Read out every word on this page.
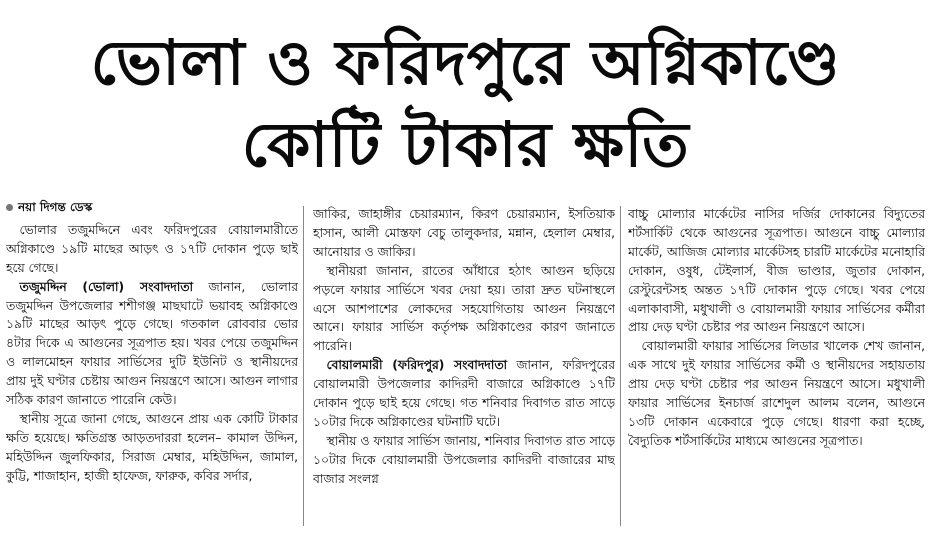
ভোলা ও ফরিদপুরে অগ্নিকাণ্ডে
কোটি টাকার ক্ষতি
নয়া দিগন্ত ডেস্ক

ভোলার তজুমদ্দিনে এবং ফরিদপুরের বোয়ালমারীতে অগ্নিকাণ্ডে ১৯টি মাছের আড়ৎ ও ১৭টি দোকান পুড়ে ছাই হয়ে গেছে।

তজুমদ্দিন (ভোলা) সংবাদদাতা জানান, ভোলার তজুমদ্দিন উপজেলার শশীগঞ্জ মাছঘাটে ভয়াবহ অগ্নিকাণ্ডে ১৯টি মাছের আড়ৎ পুড়ে গেছে। গতকাল রোববার ভোর ৪টার দিকে এ আগুনের সূত্রপাত হয়। খবর পেয়ে তজুমদ্দিন ও লালমোহন ফায়ার সার্ভিসের দুটি ইউনিট ও স্থানীয়দের প্রায় দুই ঘণ্টার চেষ্টায় আগুন নিয়ন্ত্রণে আসে। আগুন লাগার সঠিক কারণ জানাতে পারেনি কেউ।

স্থানীয় সূত্রে জানা গেছে, আগুনে প্রায় এক কোটি টাকার ক্ষতি হয়েছে। ক্ষতিগ্রস্ত আড়তদাররা হলেন– কামাল উদ্দিন, মহিউদ্দিন জুলফিকার, সিরাজ মেম্বার, মহিউদ্দিন, জামাল, কুট্টি, শাজাহান, হাজী হাফেজ, ফারুক, কবির সর্দার,

জাকির, জাহাঙ্গীর চেয়ারম্যান, কিরণ চেয়ারম্যান, ইসতিয়াক হাসান, আলী মোস্তফা বেচু তালুকদার, মন্নান, হেলাল মেম্বার, আনোয়ার ও জাকির।

স্থানীয়রা জানান, রাতের আঁধারে হঠাৎ আগুন ছড়িয়ে পড়লে ফায়ার সার্ভিসে খবর দেয়া হয়। তারা দ্রুত ঘটনাস্থলে এসে আশপাশের লোকদের সহযোগিতায় আগুন নিয়ন্ত্রণে আনে। ফায়ার সার্ভিস কর্তৃপক্ষ অগ্নিকাণ্ডের কারণ জানাতে পারেনি।

বোয়ালমারী (ফরিদপুর) সংবাদদাতা জানান, ফরিদপুরের বোয়ালমারী উপজেলার কাদিরদী বাজারে অগ্নিকাণ্ডে ১৭টি দোকান পুড়ে ছাই হয়ে গেছে। গত শনিবার দিবাগত রাত সাড়ে ১০টার দিকে অগ্নিকাণ্ডের ঘটনাটি ঘটে।

স্থানীয় ও ফায়ার সার্ভিস জানায়, শনিবার দিবাগত রাত সাড়ে ১০টার দিকে বোয়ালমারী উপজেলার কাদিরদী বাজারের মাছ বাজার সংলগ্ন

বাচ্চু মোল্যার মার্কেটের নাসির দর্জির দোকানের বিদ্যুতের শর্টসার্কিট থেকে আগুনের সূত্রপাত। আগুনে বাচ্চু মোল্যার মার্কেট, আজিজ মোল্যার মার্কেটসহ চারটি মার্কেটের মনোহারি দোকান, ওষুধ, টেইলার্স, বীজ ভাণ্ডার, জুতার দোকান, রেস্টুরেন্টসহ অন্তত ১৭টি দোকান পুড়ে গেছে। খবর পেয়ে এলাকাবাসী, মধুখালী ও বোয়ালমারী ফায়ার সার্ভিসের কর্মীরা প্রায় দেড় ঘণ্টা চেষ্টার পর আগুন নিয়ন্ত্রণে আসে।

বোয়ালমারী ফায়ার সার্ভিসের লিডার খালেক শেখ জানান, এক সাথে দুই ফায়ার সার্ভিসের কর্মী ও স্থানীয়দের সহায়তায় প্রায় দেড় ঘণ্টা চেষ্টার পর আগুন নিয়ন্ত্রণে আসে। মধুখালী ফায়ার সার্ভিসের ইনচার্জ রাশেদুল আলম বলেন, আগুনে ১৩টি দোকান একেবারে পুড়ে গেছে। ধারণা করা হচ্ছে, বৈদ্যুতিক শর্টসার্কিটের মাধ্যমে আগুনের সূত্রপাত।
